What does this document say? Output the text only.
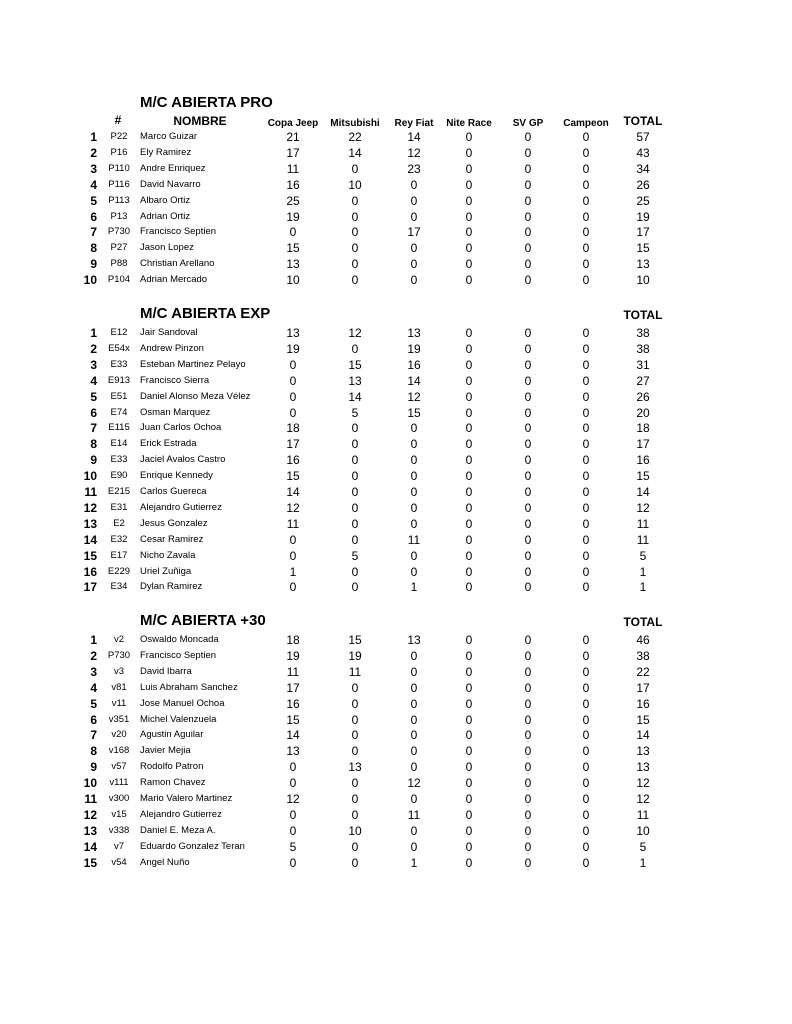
M/C ABIERTA PRO
#	NOMBRE	Copa Jeep	Mitsubishi	Rey Fiat	Nite Race	SV GP	Campeon	TOTAL
1	P22	Marco Guizar	21	22	14	0	0	0	57
2	P16	Ely Ramirez	17	14	12	0	0	0	43
3	P110	Andre Enriquez	11	0	23	0	0	0	34
4	P116	David Navarro	16	10	0	0	0	0	26
5	P113	Albaro Ortiz	25	0	0	0	0	0	25
6	P13	Adrian Ortiz	19	0	0	0	0	0	19
7	P730	Francisco Septien	0	0	17	0	0	0	17
8	P27	Jason Lopez	15	0	0	0	0	0	15
9	P88	Christian Arellano	13	0	0	0	0	0	13
10	P104	Adrian Mercado	10	0	0	0	0	0	10
M/C ABIERTA EXP	TOTAL
1	E12	Jair Sandoval	13	12	13	0	0	0	38
2	E54x	Andrew Pinzon	19	0	19	0	0	0	38
3	E33	Esteban Martinez Pelayo	0	15	16	0	0	0	31
4	E913	Francisco Sierra	0	13	14	0	0	0	27
5	E51	Daniel Alonso Meza Vélez	0	14	12	0	0	0	26
6	E74	Osman Marquez	0	5	15	0	0	0	20
7	E115	Juan Carlos Ochoa	18	0	0	0	0	0	18
8	E14	Erick Estrada	17	0	0	0	0	0	17
9	E33	Jaciel Avalos Castro	16	0	0	0	0	0	16
10	E90	Enrique Kennedy	15	0	0	0	0	0	15
11	E215	Carlos Guereca	14	0	0	0	0	0	14
12	E31	Alejandro Gutierrez	12	0	0	0	0	0	12
13	E2	Jesus Gonzalez	11	0	0	0	0	0	11
14	E32	Cesar Ramirez	0	0	11	0	0	0	11
15	E17	Nicho Zavala	0	5	0	0	0	0	5
16	E229	Uriel Zuñiga	1	0	0	0	0	0	1
17	E34	Dylan Ramirez	0	0	1	0	0	0	1
M/C ABIERTA +30	TOTAL
1	v2	Oswaldo Moncada	18	15	13	0	0	0	46
2	P730	Francisco Septien	19	19	0	0	0	0	38
3	v3	David Ibarra	11	11	0	0	0	0	22
4	v81	Luis Abraham Sanchez	17	0	0	0	0	0	17
5	v11	Jose Manuel Ochoa	16	0	0	0	0	0	16
6	v351	Michel Valenzuela	15	0	0	0	0	0	15
7	v20	Agustin Aguilar	14	0	0	0	0	0	14
8	v168	Javier Mejia	13	0	0	0	0	0	13
9	v57	Rodolfo Patron	0	13	0	0	0	0	13
10	v111	Ramon Chavez	0	0	12	0	0	0	12
11	v300	Mario Valero Martinez	12	0	0	0	0	0	12
12	v15	Alejandro Gutierrez	0	0	11	0	0	0	11
13	v338	Daniel E. Meza A.	0	10	0	0	0	0	10
14	v7	Eduardo Gonzalez Teran	5	0	0	0	0	0	5
15	v54	Angel Nuño	0	0	1	0	0	0	1
